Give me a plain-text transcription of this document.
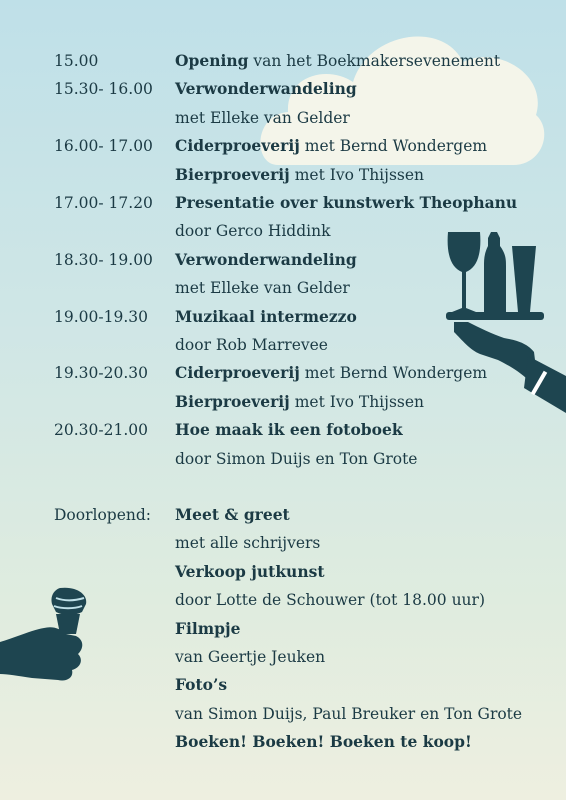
15.00	Opening van het Boekmakersevenement
15.30- 16.00 Verwonderwandeling
met Elleke van Gelder
16.00- 17.00 Ciderproeverij met Bernd Wondergem
Bierproeverij met Ivo Thijssen
17.00- 17.20 Presentatie over kunstwerk Theophanu
door Gerco Hiddink
18.30- 19.00 Verwonderwandeling
met Elleke van Gelder
19.00-19.30 Muzikaal intermezzo
door Rob Marrevee
19.30-20.30 Ciderproeverij met Bernd Wondergem
Bierproeverij met Ivo Thijssen
20.30-21.00 Hoe maak ik een fotoboek
door Simon Duijs en Ton Grote
Doorlopend: Meet & greet
met alle schrijvers
Verkoop jutkunst
door Lotte de Schouwer (tot 18.00 uur)
Filmpje
van Geertje Jeuken
Foto’s
van Simon Duijs, Paul Breuker en Ton Grote
Boeken! Boeken! Boeken te koop!
